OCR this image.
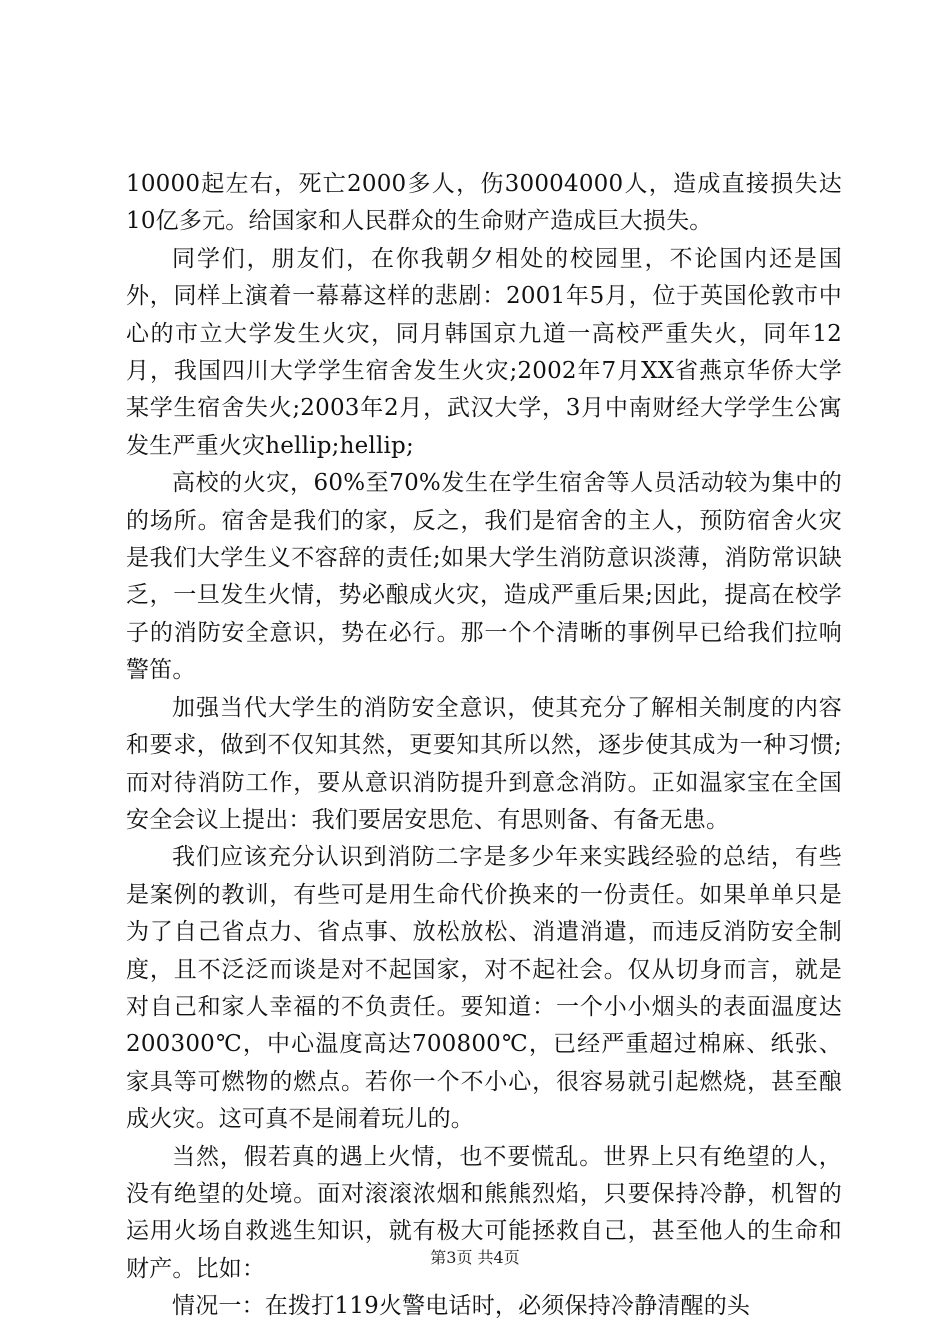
10000起左右，死亡2000多人，伤30004000人，造成直接损失达10亿多元。给国家和人民群众的生命财产造成巨大损失。

同学们，朋友们，在你我朝夕相处的校园里，不论国内还是国外，同样上演着一幕幕这样的悲剧：2001年5月，位于英国伦敦市中心的市立大学发生火灾，同月韩国京九道一高校严重失火，同年12月，我国四川大学学生宿舍发生火灾;2002年7月XX省燕京华侨大学某学生宿舍失火;2003年2月，武汉大学，3月中南财经大学学生公寓发生严重火灾hellip;hellip;

高校的火灾，60%至70%发生在学生宿舍等人员活动较为集中的的场所。宿舍是我们的家，反之，我们是宿舍的主人，预防宿舍火灾是我们大学生义不容辞的责任;如果大学生消防意识淡薄，消防常识缺乏，一旦发生火情，势必酿成火灾，造成严重后果;因此，提高在校学子的消防安全意识，势在必行。那一个个清晰的事例早已给我们拉响警笛。

加强当代大学生的消防安全意识，使其充分了解相关制度的内容和要求，做到不仅知其然，更要知其所以然，逐步使其成为一种习惯;而对待消防工作，要从意识消防提升到意念消防。正如温家宝在全国安全会议上提出：我们要居安思危、有思则备、有备无患。

我们应该充分认识到消防二字是多少年来实践经验的总结，有些是案例的教训，有些可是用生命代价换来的一份责任。如果单单只是为了自己省点力、省点事、放松放松、消遣消遣，而违反消防安全制度，且不泛泛而谈是对不起国家，对不起社会。仅从切身而言，就是对自己和家人幸福的不负责任。要知道：一个小小烟头的表面温度达200300℃，中心温度高达700800℃，已经严重超过棉麻、纸张、家具等可燃物的燃点。若你一个不小心，很容易就引起燃烧，甚至酿成火灾。这可真不是闹着玩儿的。

当然，假若真的遇上火情，也不要慌乱。世界上只有绝望的人，没有绝望的处境。面对滚滚浓烟和熊熊烈焰，只要保持冷静，机智的运用火场自救逃生知识，就有极大可能拯救自己，甚至他人的生命和财产。比如：

情况一：在拨打119火警电话时，必须保持冷静清醒的头

第3页 共4页
